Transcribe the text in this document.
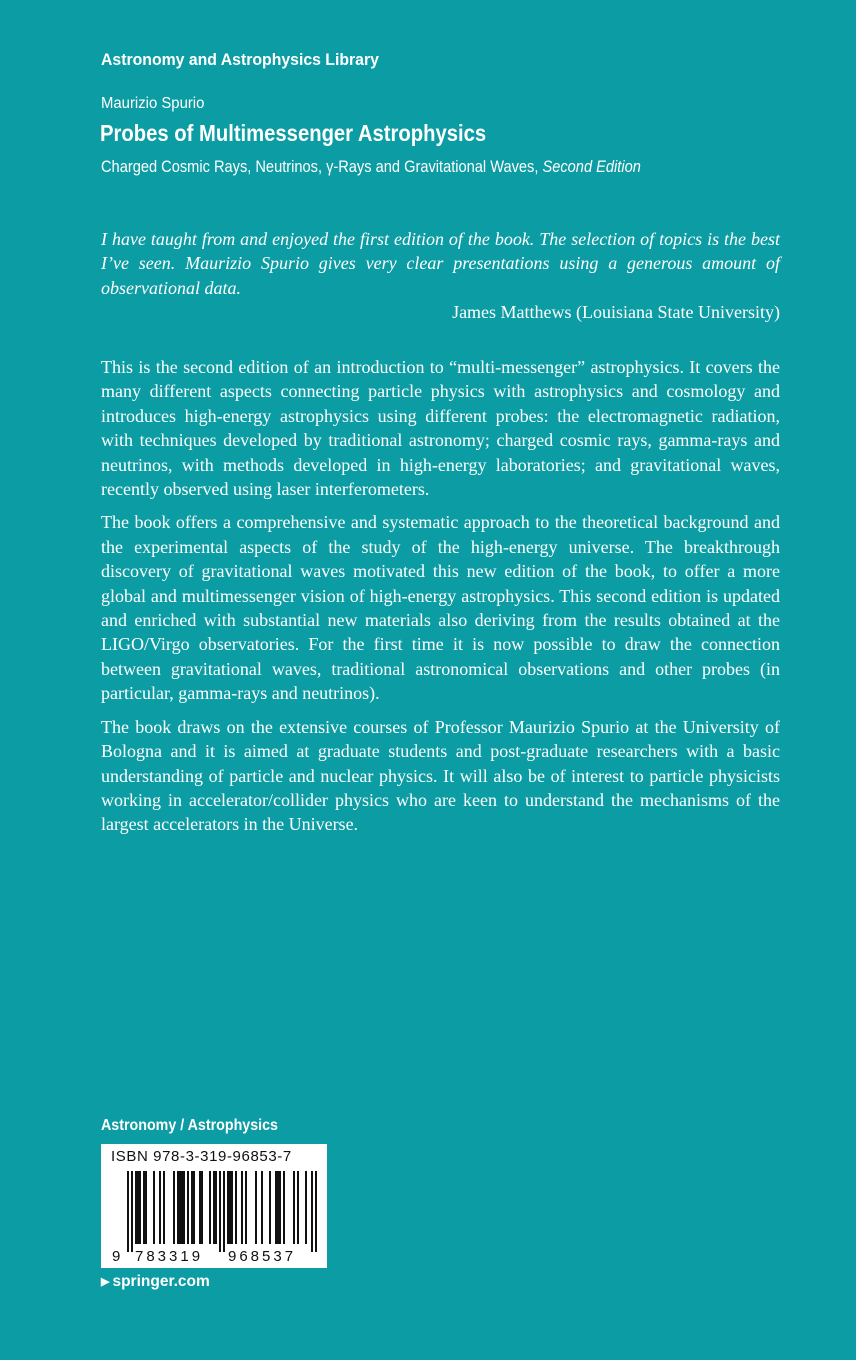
Astronomy and Astrophysics Library
Maurizio Spurio
Probes of Multimessenger Astrophysics
Charged Cosmic Rays, Neutrinos, γ-Rays and Gravitational Waves, Second Edition

I have taught from and enjoyed the first edition of the book. The selection of topics is the best I’ve seen. Maurizio Spurio gives very clear presentations using a generous amount of observational data.

James Matthews (Louisiana State University)

This is the second edition of an introduction to “multi-messenger” astrophysics. It covers the many different aspects connecting particle physics with astrophysics and cosmology and introduces high-energy astrophysics using different probes: the electromagnetic radiation, with techniques developed by traditional astronomy; charged cosmic rays, gamma-rays and neutrinos, with methods developed in high-energy laboratories; and gravitational waves, recently observed using laser interferometers.

The book offers a comprehensive and systematic approach to the theoretical background and the experimental aspects of the study of the high-energy universe. The breakthrough discovery of gravitational waves motivated this new edition of the book, to offer a more global and multimessenger vision of high-energy astrophysics. This second edition is updated and enriched with substantial new materials also deriving from the results obtained at the LIGO/Virgo observatories. For the first time it is now possible to draw the connection between gravitational waves, traditional astronomical observations and other probes (in particular, gamma-rays and neutrinos).

The book draws on the extensive courses of Professor Maurizio Spurio at the University of Bologna and it is aimed at graduate students and post-graduate researchers with a basic understanding of particle and nuclear physics. It will also be of interest to particle physicists working in accelerator/collider physics who are keen to understand the mechanisms of the largest accelerators in the Universe.

Astronomy / Astrophysics
ISBN 978-3-319-96853-7
9 783319 968537
▶ springer.com
